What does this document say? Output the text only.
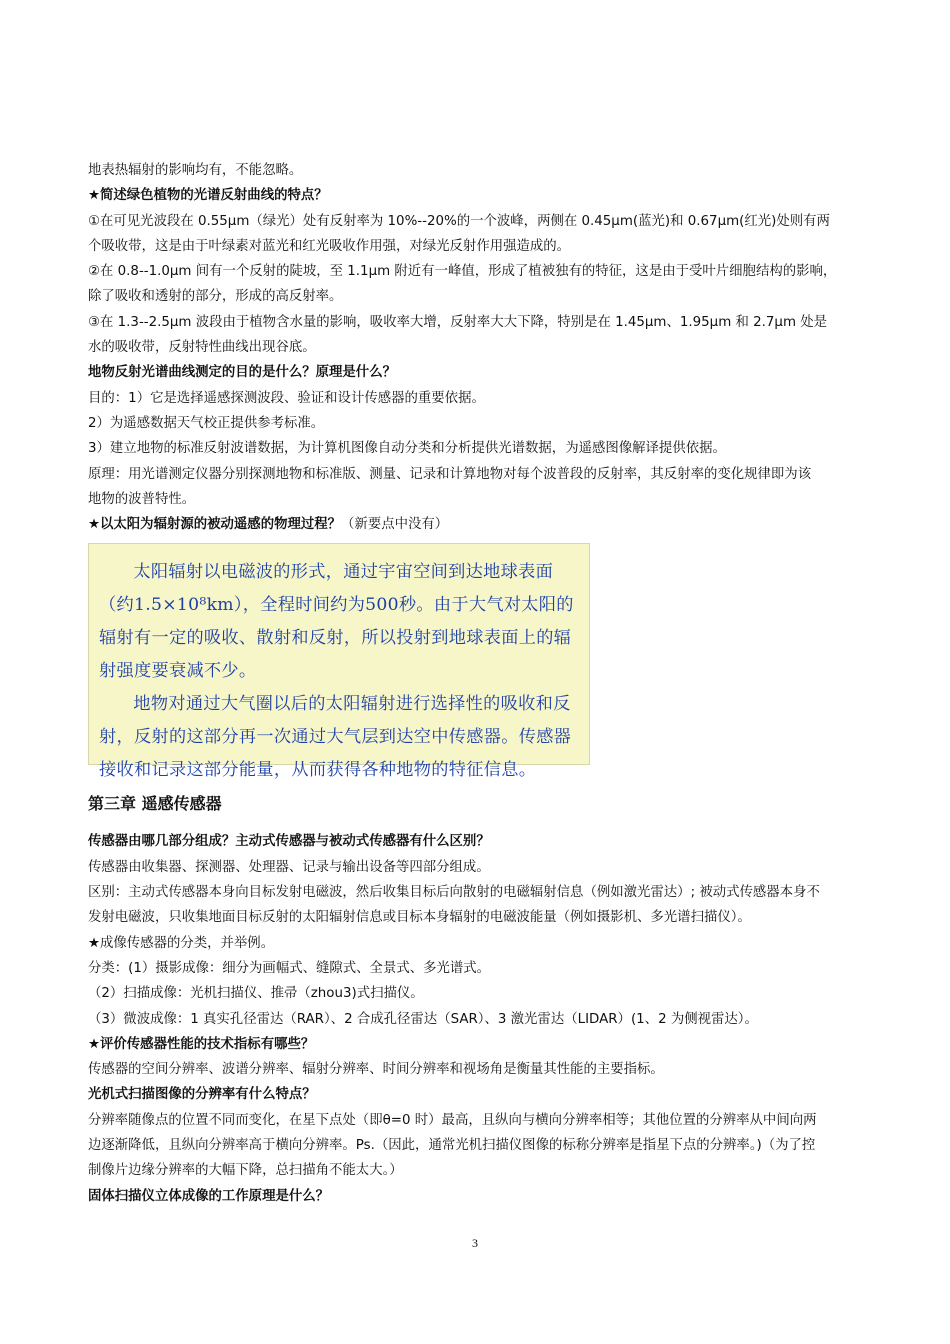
地表热辐射的影响均有，不能忽略。
★简述绿色植物的光谱反射曲线的特点？
①在可见光波段在 0.55μm（绿光）处有反射率为 10%--20%的一个波峰，两侧在 0.45μm(蓝光)和 0.67μm(红光)处则有两
个吸收带，这是由于叶绿素对蓝光和红光吸收作用强，对绿光反射作用强造成的。
②在 0.8--1.0μm 间有一个反射的陡坡，至 1.1μm 附近有一峰值，形成了植被独有的特征，这是由于受叶片细胞结构的影响，
除了吸收和透射的部分，形成的高反射率。
③在 1.3--2.5μm 波段由于植物含水量的影响，吸收率大增，反射率大大下降，特别是在 1.45μm、1.95μm 和 2.7μm 处是
水的吸收带，反射特性曲线出现谷底。
地物反射光谱曲线测定的目的是什么？原理是什么？
目的：1）它是选择遥感探测波段、验证和设计传感器的重要依据。
2）为遥感数据天气校正提供参考标准。
3）建立地物的标准反射波谱数据，为计算机图像自动分类和分析提供光谱数据，为遥感图像解译提供依据。
原理：用光谱测定仪器分别探测地物和标准版、测量、记录和计算地物对每个波普段的反射率，其反射率的变化规律即为该
地物的波普特性。
★以太阳为辐射源的被动遥感的物理过程？（新要点中没有）
太阳辐射以电磁波的形式，通过宇宙空间到达地球表面（约1.5×10⁸km），全程时间约为500秒。由于大气对太阳的辐射有一定的吸收、散射和反射，所以投射到地球表面上的辐射强度要衰减不少。
地物对通过大气圈以后的太阳辐射进行选择性的吸收和反射，反射的这部分再一次通过大气层到达空中传感器。传感器接收和记录这部分能量，从而获得各种地物的特征信息。
第三章 遥感传感器
传感器由哪几部分组成？主动式传感器与被动式传感器有什么区别？
传感器由收集器、探测器、处理器、记录与输出设备等四部分组成。
区别：主动式传感器本身向目标发射电磁波，然后收集目标后向散射的电磁辐射信息（例如激光雷达）; 被动式传感器本身不
发射电磁波，只收集地面目标反射的太阳辐射信息或目标本身辐射的电磁波能量（例如摄影机、多光谱扫描仪）。
★成像传感器的分类，并举例。
分类：(1）摄影成像：细分为画幅式、缝隙式、全景式、多光谱式。
（2）扫描成像：光机扫描仪、推帚（zhou3)式扫描仪。
（3）微波成像：1 真实孔径雷达（RAR）、2 合成孔径雷达（SAR）、3 激光雷达（LIDAR）(1、2 为侧视雷达）。
★评价传感器性能的技术指标有哪些？
传感器的空间分辨率、波谱分辨率、辐射分辨率、时间分辨率和视场角是衡量其性能的主要指标。
光机式扫描图像的分辨率有什么特点？
分辨率随像点的位置不同而变化，在星下点处（即θ=0 时）最高，且纵向与横向分辨率相等；其他位置的分辨率从中间向两
边逐渐降低，且纵向分辨率高于横向分辨率。Ps.（因此，通常光机扫描仪图像的标称分辨率是指星下点的分辨率。)（为了控
制像片边缘分辨率的大幅下降，总扫描角不能太大。）
固体扫描仪立体成像的工作原理是什么？
3
